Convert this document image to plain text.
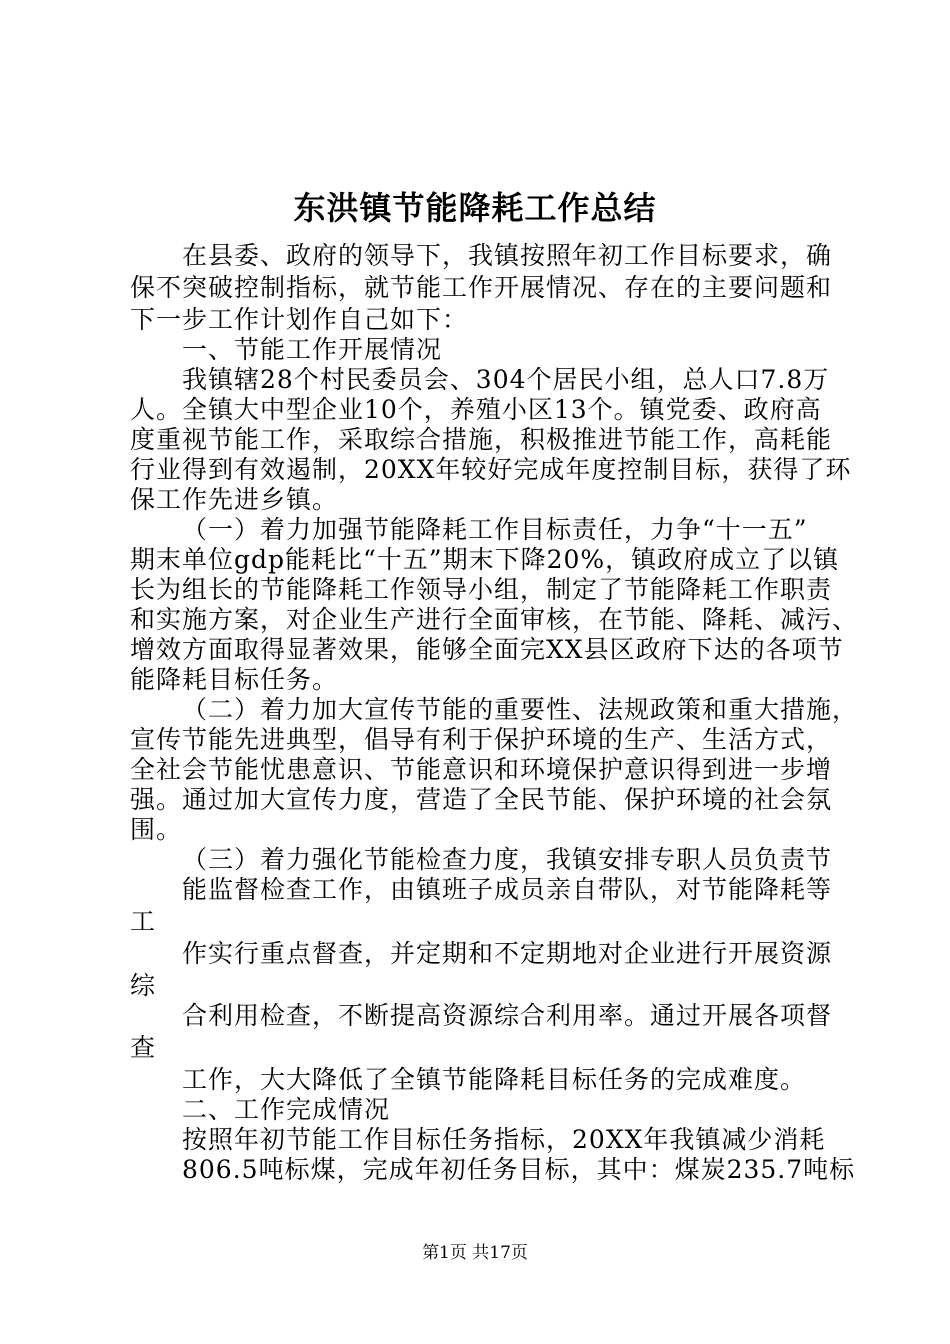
东洪镇节能降耗工作总结
在县委、政府的领导下，我镇按照年初工作目标要求，确
保不突破控制指标，就节能工作开展情况、存在的主要问题和
下一步工作计划作自己如下：
一、节能工作开展情况
我镇辖28个村民委员会、304个居民小组，总人口7.8万
人。全镇大中型企业10个，养殖小区13个。镇党委、政府高
度重视节能工作，采取综合措施，积极推进节能工作，高耗能
行业得到有效遏制，20XX年较好完成年度控制目标，获得了环
保工作先进乡镇。
（一）着力加强节能降耗工作目标责任，力争“十一五”
期末单位gdp能耗比“十五”期末下降20%，镇政府成立了以镇
长为组长的节能降耗工作领导小组，制定了节能降耗工作职责
和实施方案，对企业生产进行全面审核，在节能、降耗、减污、
增效方面取得显著效果，能够全面完XX县区政府下达的各项节
能降耗目标任务。
（二）着力加大宣传节能的重要性、法规政策和重大措施，
宣传节能先进典型，倡导有利于保护环境的生产、生活方式，
全社会节能忧患意识、节能意识和环境保护意识得到进一步增
强。通过加大宣传力度，营造了全民节能、保护环境的社会氛
围。
（三）着力强化节能检查力度，我镇安排专职人员负责节
能监督检查工作，由镇班子成员亲自带队，对节能降耗等
工
作实行重点督查，并定期和不定期地对企业进行开展资源
综
合利用检查，不断提高资源综合利用率。通过开展各项督
查
工作，大大降低了全镇节能降耗目标任务的完成难度。
二、工作完成情况
按照年初节能工作目标任务指标，20XX年我镇减少消耗
806.5吨标煤，完成年初任务目标，其中：煤炭235.7吨标
第1页 共17页
